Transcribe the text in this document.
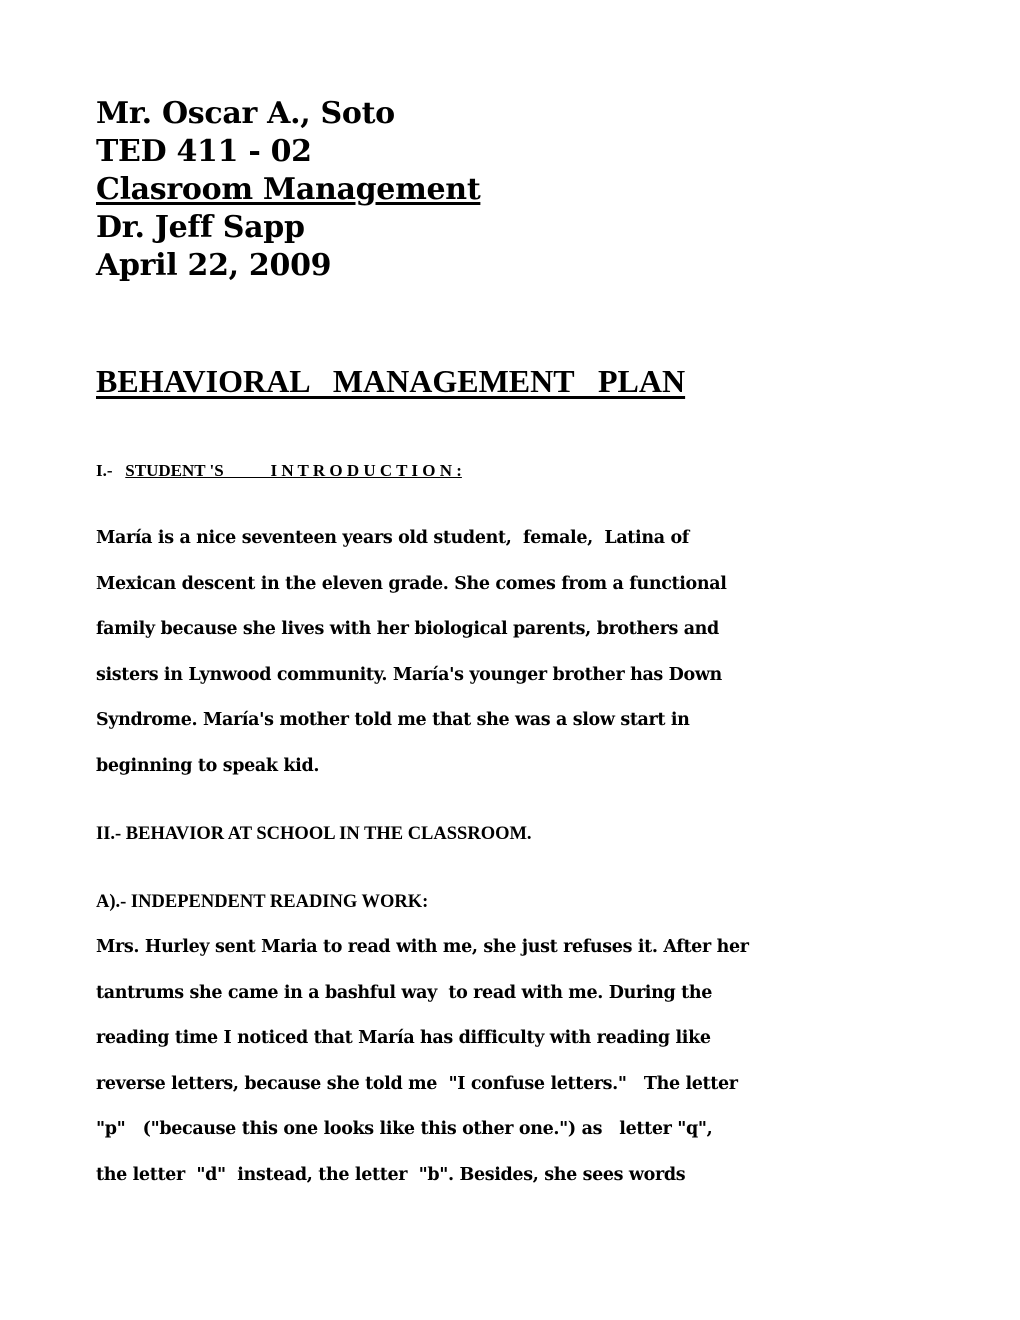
Mr. Oscar A., Soto
TED 411 - 02
Clasroom Management
Dr. Jeff Sapp
April 22, 2009
BEHAVIORAL   MANAGEMENT   PLAN
I.- STUDENT 'S           I N T R O D U C T I O N :
María is a nice seventeen years old student,  female,  Latina of
Mexican descent in the eleven grade. She comes from a functional
family because she lives with her biological parents, brothers and
sisters in Lynwood community. María's younger brother has Down
Syndrome. María's mother told me that she was a slow start in
beginning to speak kid.
II.- BEHAVIOR AT SCHOOL IN THE CLASSROOM.
A).- INDEPENDENT READING WORK:
Mrs. Hurley sent Maria to read with me, she just refuses it. After her
tantrums she came in a bashful way  to read with me. During the
reading time I noticed that María has difficulty with reading like
reverse letters, because she told me  "I confuse letters."   The letter
"p"   ("because this one looks like this other one.") as   letter "q",
the letter  "d"  instead, the letter  "b". Besides, she sees words
